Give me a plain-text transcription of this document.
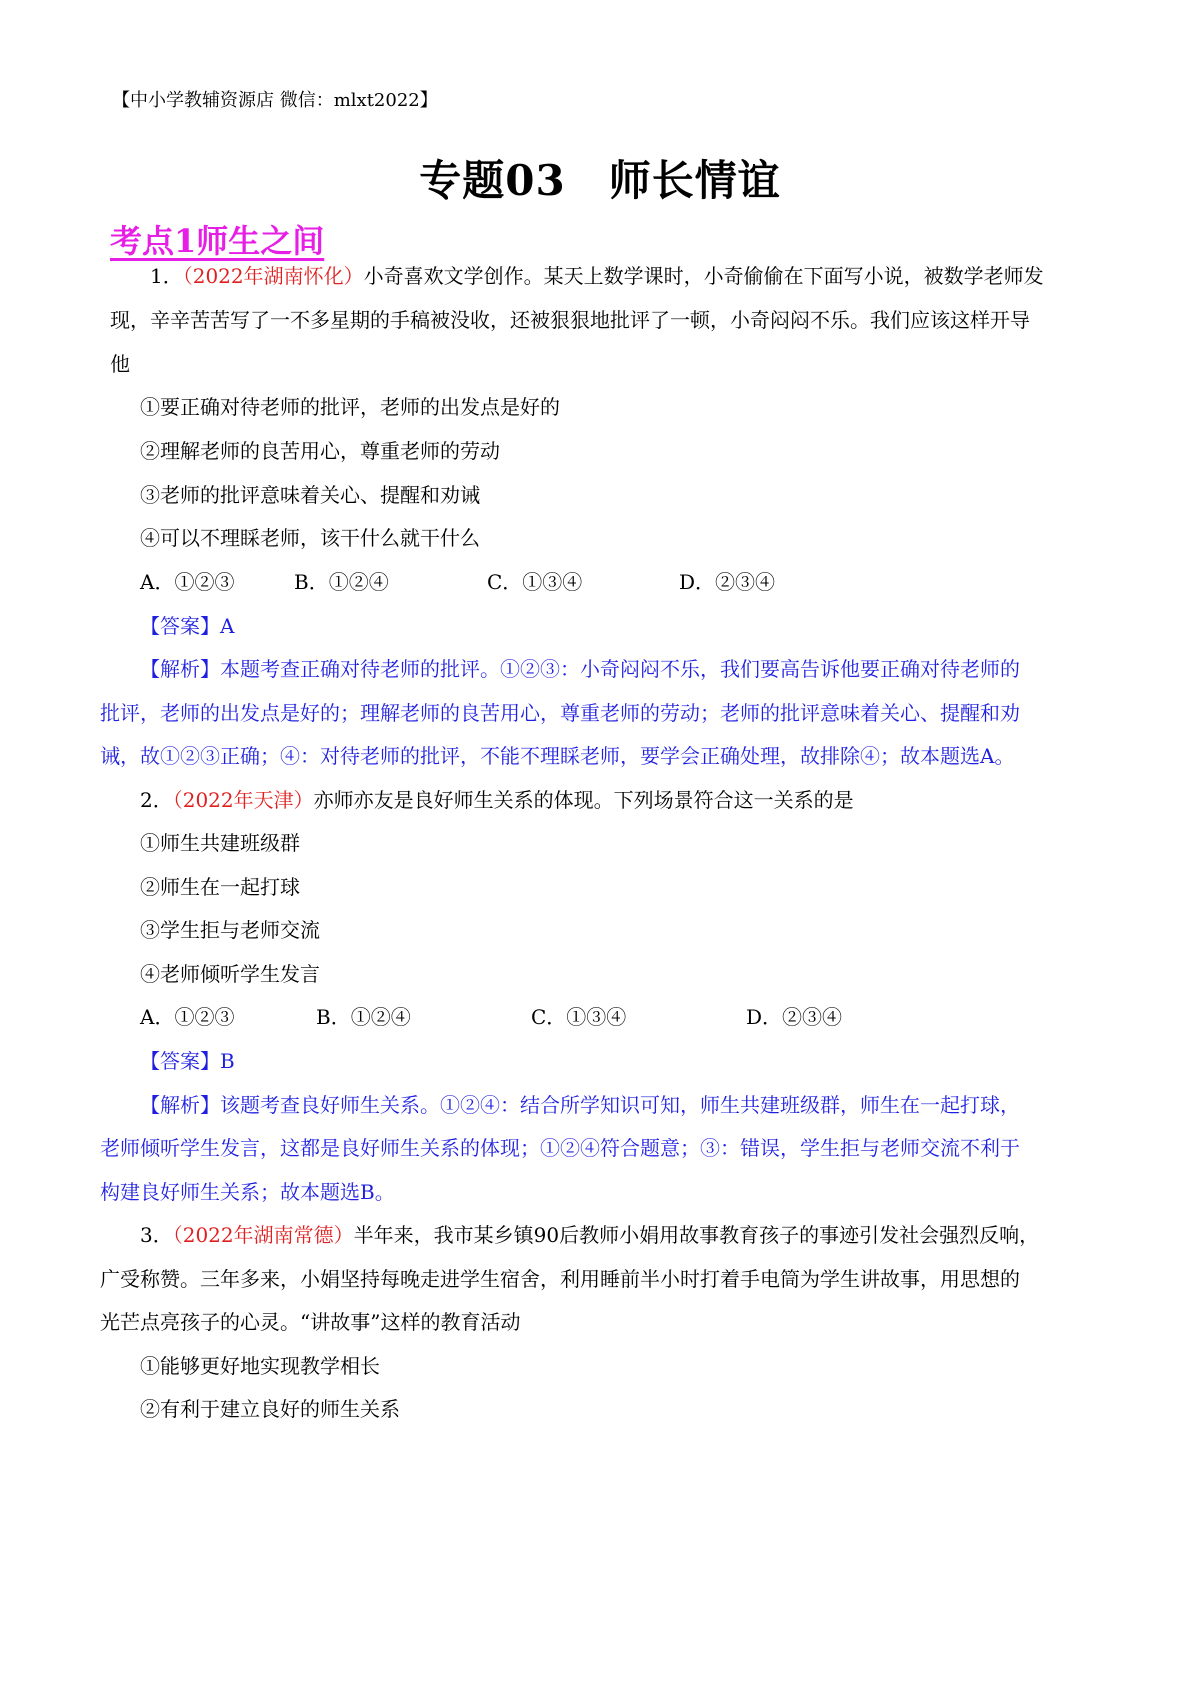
【中小学教辅资源店 微信：mlxt2022】
专题03　师长情谊
考点1师生之间
1．（2022年湖南怀化）小奇喜欢文学创作。某天上数学课时，小奇偷偷在下面写小说，被数学老师发
现，辛辛苦苦写了一不多星期的手稿被没收，还被狠狠地批评了一顿，小奇闷闷不乐。我们应该这样开导
他
①要正确对待老师的批评，老师的出发点是好的
②理解老师的良苦用心，尊重老师的劳动
③老师的批评意味着关心、提醒和劝诫
④可以不理睬老师，该干什么就干什么
A．①②③	B．①②④	C．①③④	D．②③④
【答案】A
【解析】本题考查正确对待老师的批评。①②③：小奇闷闷不乐，我们要高告诉他要正确对待老师的
批评，老师的出发点是好的；理解老师的良苦用心，尊重老师的劳动；老师的批评意味着关心、提醒和劝
诫，故①②③正确；④：对待老师的批评，不能不理睬老师，要学会正确处理，故排除④；故本题选A。
2．（2022年天津）亦师亦友是良好师生关系的体现。下列场景符合这一关系的是
①师生共建班级群
②师生在一起打球
③学生拒与老师交流
④老师倾听学生发言
A．①②③	B．①②④	C．①③④	D．②③④
【答案】B
【解析】该题考查良好师生关系。①②④：结合所学知识可知，师生共建班级群，师生在一起打球，
老师倾听学生发言，这都是良好师生关系的体现；①②④符合题意；③：错误，学生拒与老师交流不利于
构建良好师生关系；故本题选B。
3．（2022年湖南常德）半年来，我市某乡镇90后教师小娟用故事教育孩子的事迹引发社会强烈反响，
广受称赞。三年多来，小娟坚持每晚走进学生宿舍，利用睡前半小时打着手电筒为学生讲故事，用思想的
光芒点亮孩子的心灵。“讲故事”这样的教育活动
①能够更好地实现教学相长
②有利于建立良好的师生关系
